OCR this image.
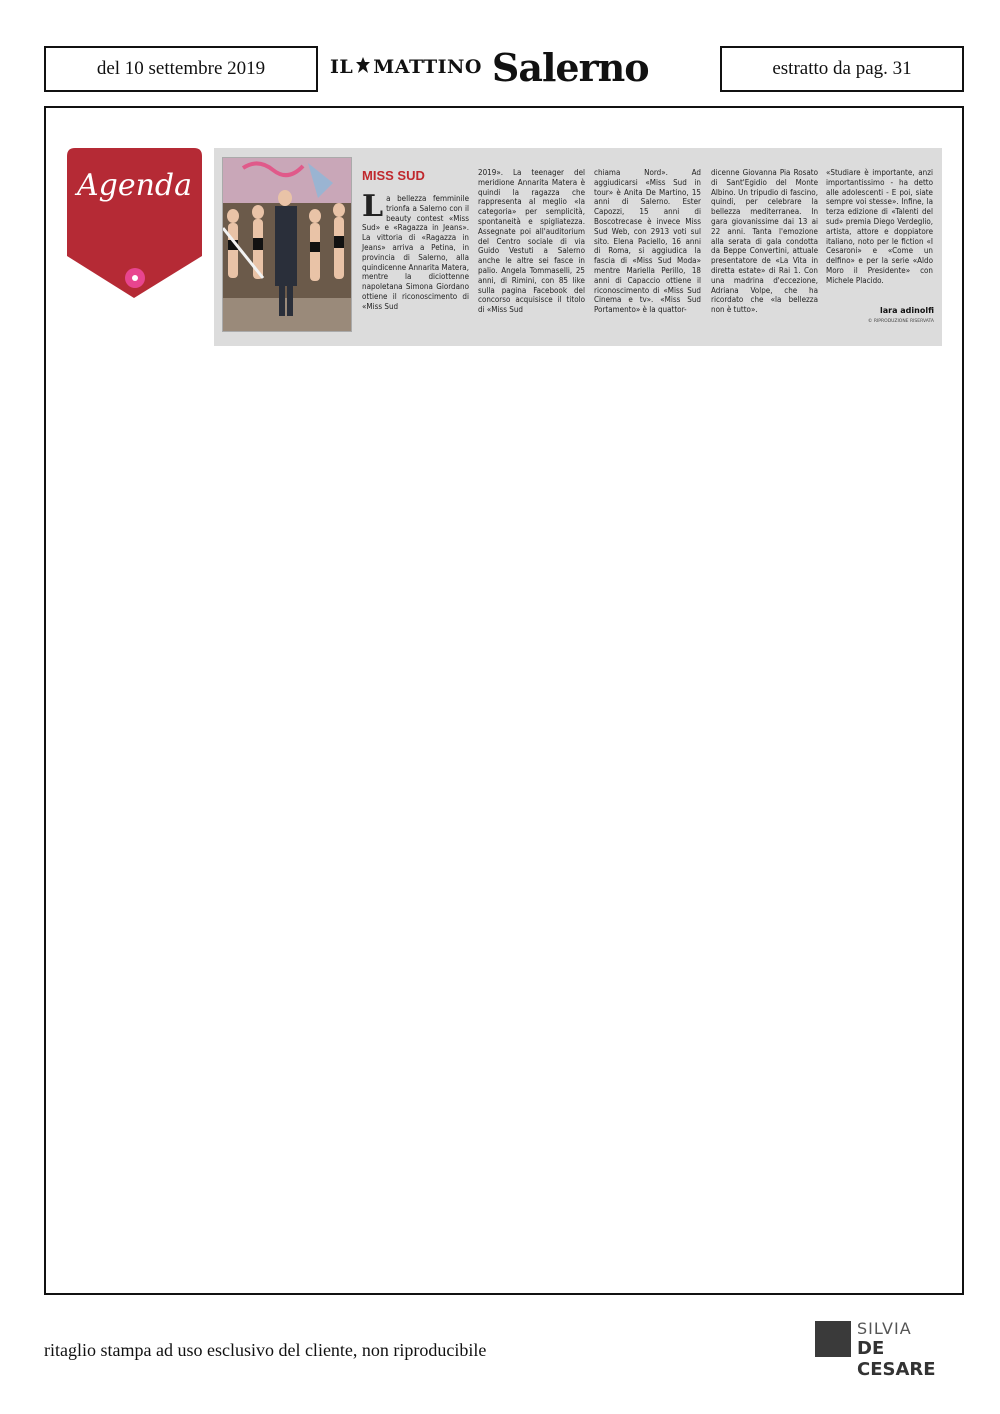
del 10 settembre 2019	IL MATTINO Salerno	estratto da pag. 31
Agenda	MISS SUD
La bellezza femminile trionfa a Salerno con il beauty contest «Miss Sud» e «Ragazza in Jeans». La vittoria di «Ragazza in Jeans» arriva a Petina, in provincia di Salerno, alla quindicenne Annarita Matera, mentre la diciottenne napoletana Simona Giordano ottiene il riconoscimento di «Miss Sud
2019». La teenager del meridione Annarita Matera è quindi la ragazza che rappresenta al meglio «la categoria» per semplicità, spontaneità e spigliatezza. Assegnate poi all'auditorium del Centro sociale di via Guido Vestuti a Salerno anche le altre sei fasce in palio. Angela Tommaselli, 25 anni, di Rimini, con 85 like sulla pagina Facebook del concorso acquisisce il titolo di «Miss Sud
chiama Nord». Ad aggiudicarsi «Miss Sud in tour» è Anita De Martino, 15 anni di Salerno. Ester Capozzi, 15 anni di Boscotrecase è invece Miss Sud Web, con 2913 voti sul sito. Elena Paciello, 16 anni di Roma, si aggiudica la fascia di «Miss Sud Moda» mentre Mariella Perillo, 18 anni di Capaccio ottiene il riconoscimento di «Miss Sud Cinema e tv». «Miss Sud Portamento» è la quattor-
dicenne Giovanna Pia Rosato di Sant'Egidio del Monte Albino. Un tripudio di fascino, quindi, per celebrare la bellezza mediterranea. In gara giovanissime dai 13 ai 22 anni. Tanta l'emozione alla serata di gala condotta da Beppe Convertini, attuale presentatore de «La Vita in diretta estate» di Rai 1. Con una madrina d'eccezione, Adriana Volpe, che ha ricordato che «la bellezza non è tutto».
«Studiare è importante, anzi importantissimo - ha detto alle adolescenti - E poi, siate sempre voi stesse». Infine, la terza edizione di «Talenti del sud» premia Diego Verdeglio, artista, attore e doppiatore italiano, noto per le fiction «I Cesaroni» e «Come un delfino» e per la serie «Aldo Moro il Presidente» con Michele Placido.
lara adinolfi
© RIPRODUZIONE RISERVATA
ritaglio stampa ad uso esclusivo del cliente, non riproducibile
SILVIA
DE CESARE
